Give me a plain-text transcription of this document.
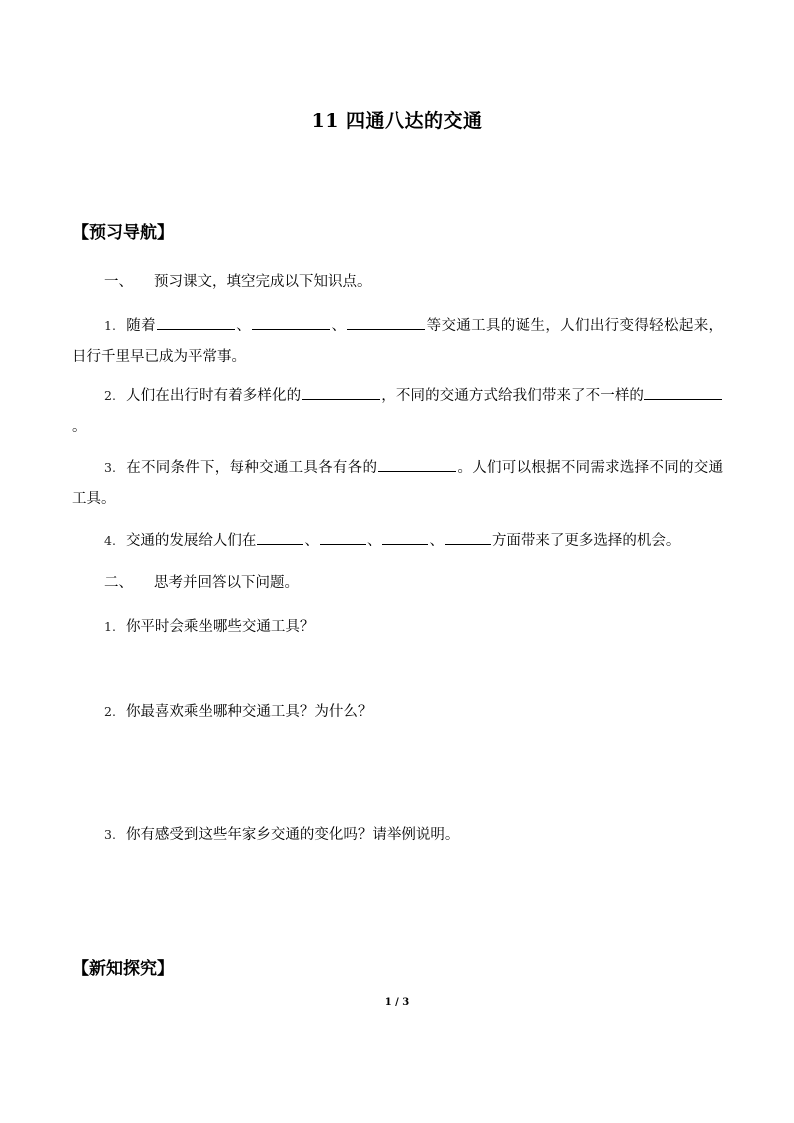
11 四通八达的交通
【预习导航】
一、 预习课文，填空完成以下知识点。
1. 随着	、	、	等交通工具的诞生，人们出行变得轻松起来，日行千里早已成为平常事。
2. 人们在出行时有着多样化的	，不同的交通方式给我们带来了不一样的。
3. 在不同条件下，每种交通工具各有各的	。人们可以根据不同需求选择不同的交通工具。
4. 交通的发展给人们在	、	、	、	方面带来了更多选择的机会。
二、 思考并回答以下问题。
1. 你平时会乘坐哪些交通工具？
2. 你最喜欢乘坐哪种交通工具？为什么？
3. 你有感受到这些年家乡交通的变化吗？请举例说明。
【新知探究】
1 / 3
